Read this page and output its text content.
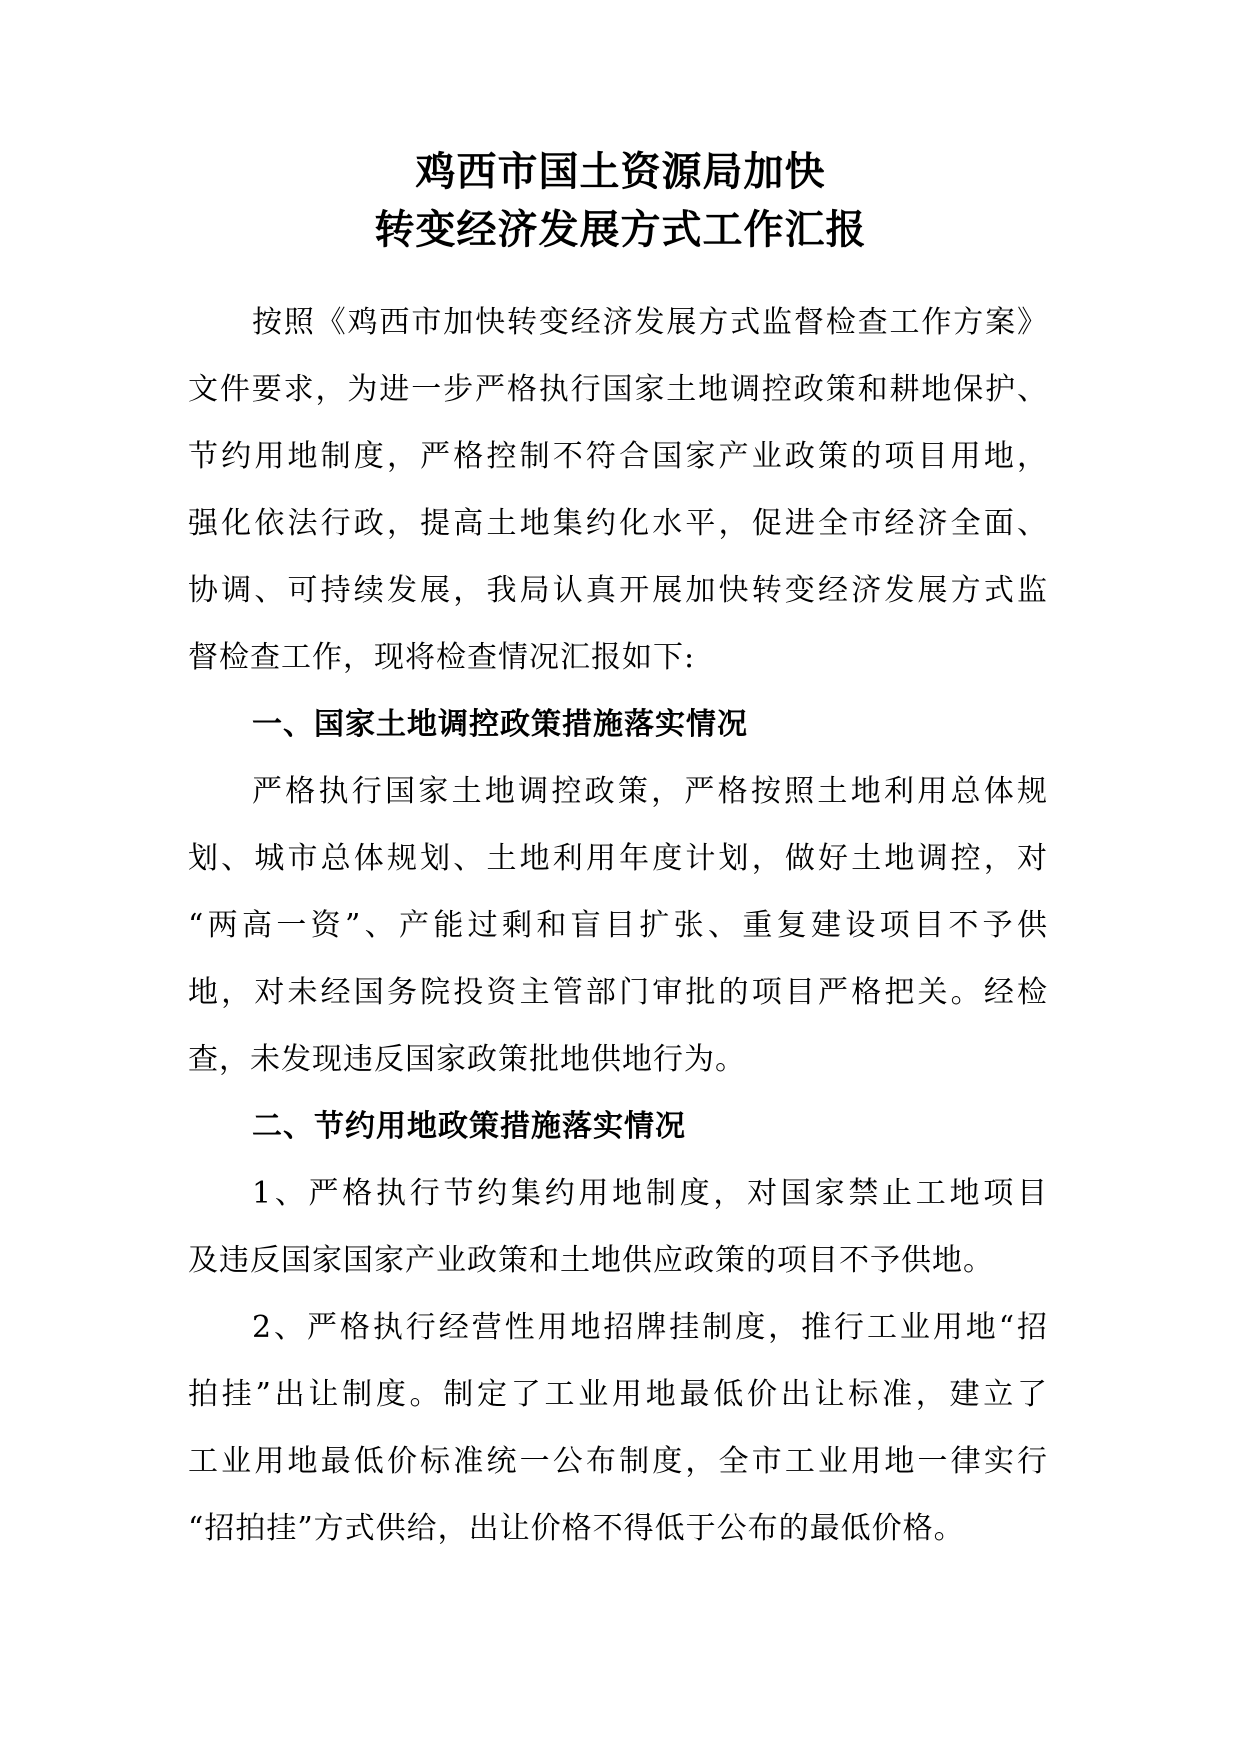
鸡西市国土资源局加快
转变经济发展方式工作汇报
按照《鸡西市加快转变经济发展方式监督检查工作方案》
文件要求，为进一步严格执行国家土地调控政策和耕地保护、
节约用地制度，严格控制不符合国家产业政策的项目用地，
强化依法行政，提高土地集约化水平，促进全市经济全面、
协调、可持续发展，我局认真开展加快转变经济发展方式监
督检查工作，现将检查情况汇报如下:
一、国家土地调控政策措施落实情况
严格执行国家土地调控政策，严格按照土地利用总体规
划、城市总体规划、土地利用年度计划，做好土地调控，对
“两高一资”、产能过剩和盲目扩张、重复建设项目不予供
地，对未经国务院投资主管部门审批的项目严格把关。经检
查，未发现违反国家政策批地供地行为。
二、节约用地政策措施落实情况
1、严格执行节约集约用地制度，对国家禁止工地项目
及违反国家国家产业政策和土地供应政策的项目不予供地。
2、严格执行经营性用地招牌挂制度，推行工业用地“招
拍挂”出让制度。制定了工业用地最低价出让标准，建立了
工业用地最低价标准统一公布制度，全市工业用地一律实行
“招拍挂”方式供给，出让价格不得低于公布的最低价格。
